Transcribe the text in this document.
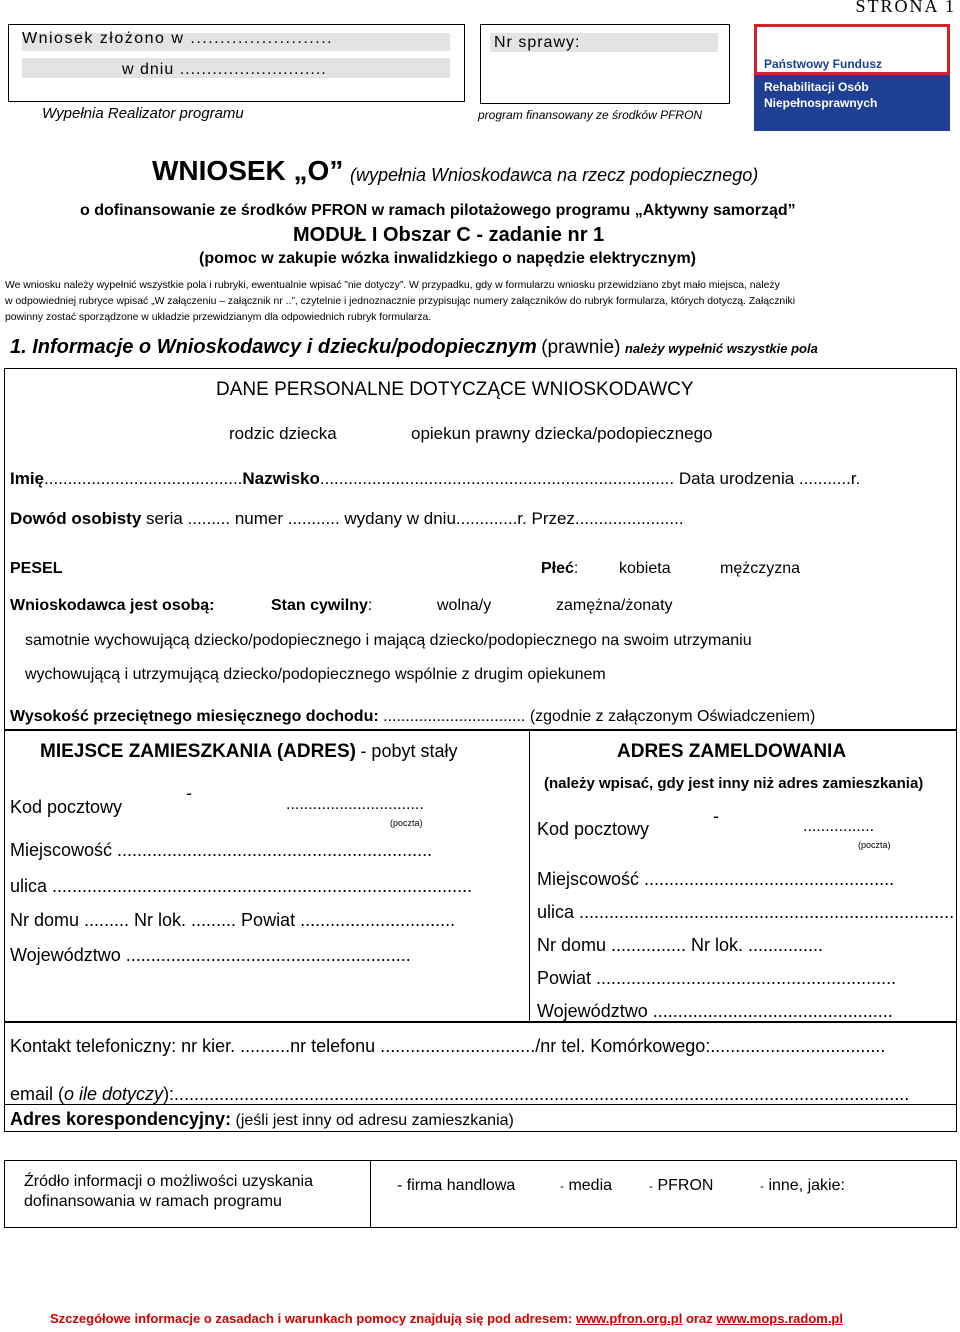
STRONA 1
Wniosek złożono w ........................
w dniu ...........................
Wypełnia Realizator programu
Nr sprawy:
program finansowany ze środków PFRON
Państwowy Fundusz
Rehabilitacji Osób
Niepełnosprawnych
WNIOSEK „O” (wypełnia Wnioskodawca na rzecz podopiecznego)
o dofinansowanie ze środków PFRON w ramach pilotażowego programu „Aktywny samorząd”
MODUŁ I Obszar C - zadanie nr 1
(pomoc w zakupie wózka inwalidzkiego o napędzie elektrycznym)
We wniosku należy wypełnić wszystkie pola i rubryki, ewentualnie wpisać ”nie dotyczy”. W przypadku, gdy w formularzu wniosku przewidziano zbyt mało miejsca, należy
w odpowiedniej rubryce wpisać „W załączeniu – załącznik nr ..”, czytelnie i jednoznacznie przypisując numery załączników do rubryk formularza, których dotyczą. Załączniki
powinny zostać sporządzone w układzie przewidzianym dla odpowiednich rubryk formularza.
1. Informacje o Wnioskodawcy i dziecku/podopiecznym (prawnie) należy wypełnić wszystkie pola
DANE PERSONALNE DOTYCZĄCE WNIOSKODAWCY
rodzic dziecka	opiekun prawny dziecka/podopiecznego
Imię..........................................Nazwisko........................................................................... Data urodzenia ...........r.
Dowód osobisty seria ......... numer ........... wydany w dniu.............r. Przez.......................
PESEL	Płeć:	kobieta	mężczyzna
Wnioskodawca jest osobą:	Stan cywilny:	wolna/y	zamężna/żonaty
samotnie wychowującą dziecko/podopiecznego i mającą dziecko/podopiecznego na swoim utrzymaniu
wychowującą i utrzymującą dziecko/podopiecznego wspólnie z drugim opiekunem
Wysokość przeciętnego miesięcznego dochodu: ................................ (zgodnie z załączonym Oświadczeniem)
MIEJSCE ZAMIESZKANIA (ADRES) - pobyt stały
Kod pocztowy
-
...............................
(poczta)
Miejscowość ...............................................................
ulica ....................................................................................
Nr domu ......... Nr lok. ......... Powiat ...............................
Województwo .........................................................
ADRES ZAMELDOWANIA
(należy wpisać, gdy jest inny niż adres zamieszkania)
Kod pocztowy
-
................
(poczta)
Miejscowość ..................................................
ulica ...........................................................................
Nr domu ............... Nr lok. ...............
Powiat ............................................................
Województwo ................................................
Kontakt telefoniczny: nr kier. ..........nr telefonu .............................../nr tel. Komórkowego:...................................
email (o ile dotyczy):...................................................................................................................................................
Adres korespondencyjny: (jeśli jest inny od adresu zamieszkania)
Źródło informacji o możliwości uzyskania
dofinansowania w ramach programu
- firma handlowa	- media	- PFRON	- inne, jakie:
Szczegółowe informacje o zasadach i warunkach pomocy znajdują się pod adresem: www.pfron.org.pl oraz www.mops.radom.pl
